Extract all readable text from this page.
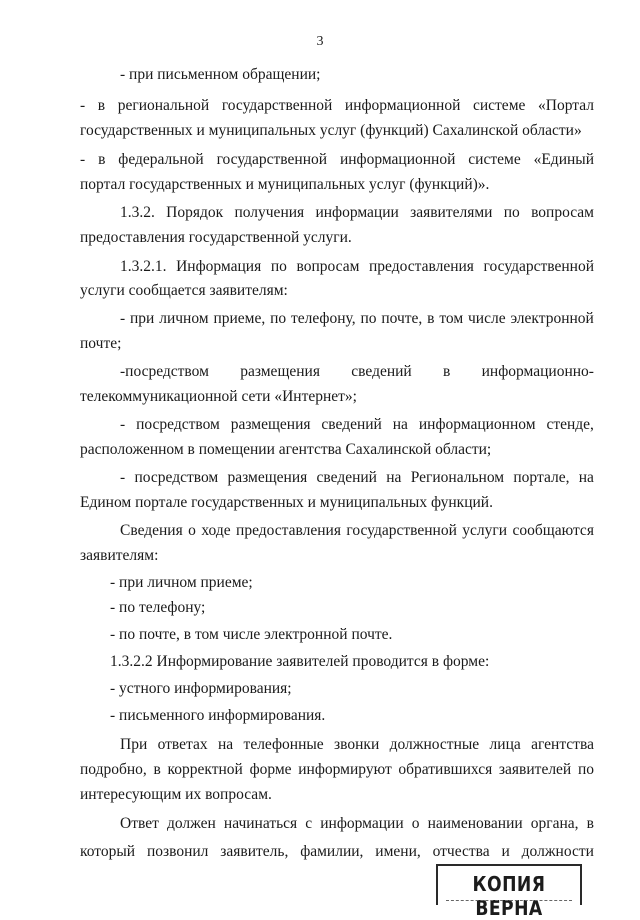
3
- при письменном обращении;
- в региональной государственной информационной системе «Портал
государственных и муниципальных услуг (функций) Сахалинской области»
- в федеральной государственной информационной системе «Единый
портал государственных и муниципальных услуг (функций)».
1.3.2. Порядок получения информации заявителями по вопросам
предоставления государственной услуги.
1.3.2.1. Информация по вопросам предоставления государственной
услуги сообщается заявителям:
- при личном приеме, по телефону, по почте, в том числе электронной
почте;
-посредством размещения сведений в информационно-
телекоммуникационной сети «Интернет»;
- посредством размещения сведений на информационном стенде,
расположенном в помещении агентства Сахалинской области;
- посредством размещения сведений на Региональном портале, на
Едином портале государственных и муниципальных функций.
Сведения о ходе предоставления государственной услуги сообщаются
заявителям:
- при личном приеме;
- по телефону;
- по почте, в том числе электронной почте.
1.3.2.2 Информирование заявителей проводится в форме:
- устного информирования;
- письменного информирования.
При ответах на телефонные звонки должностные лица агентства
подробно, в корректной форме информируют обратившихся заявителей по
интересующим их вопросам.
Ответ должен начинаться с информации о наименовании органа, в
который позвонил заявитель, фамилии, имени, отчества и должности
КОПИЯ ВЕРНА
